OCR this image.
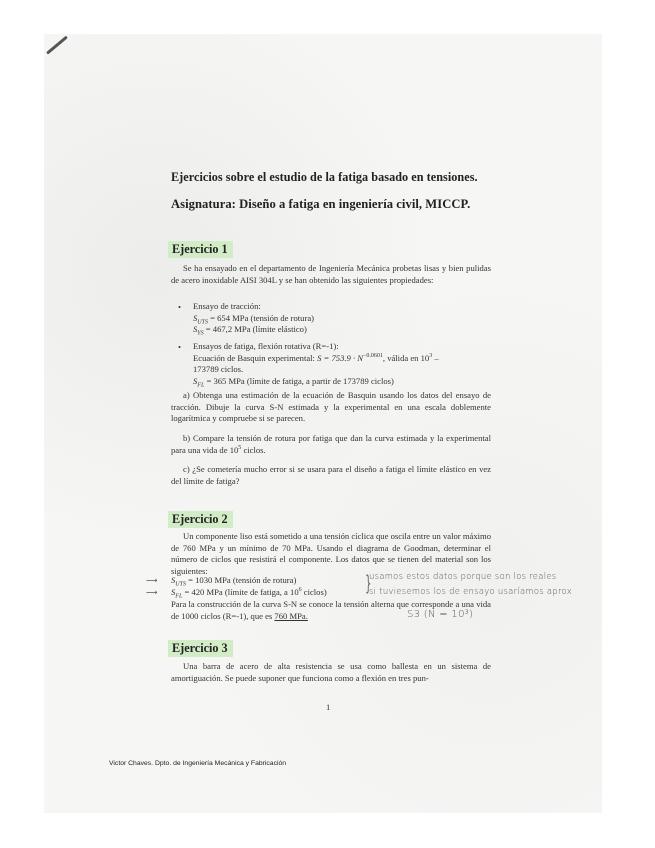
Ejercicios sobre el estudio de la fatiga basado en tensiones.
Asignatura: Diseño a fatiga en ingeniería civil, MICCP.
Ejercicio 1
Se ha ensayado en el departamento de Ingeniería Mecánica probetas lisas y bien pulidas de acero inoxidable AISI 304L y se han obtenido las siguientes propiedades:
• Ensayo de tracción:
$S_{UTS} = 654$ MPa (tensión de rotura)
$S_{YS} = 467,2$ MPa (límite elástico)
• Ensayos de fatiga, flexión rotativa (R=-1):
Ecuación de Basquin experimental: $S = 753.9 \cdot N^{-0.0601}$, válida en $10^3$ –
173789 ciclos.
$S_{FL} = 365$ MPa (límite de fatiga, a partir de 173789 ciclos)
a) Obtenga una estimación de la ecuación de Basquin usando los datos del ensayo de tracción. Dibuje la curva S-N estimada y la experimental en una escala doblemente logarítmica y compruebe si se parecen.
b) Compare la tensión de rotura por fatiga que dan la curva estimada y la experimental para una vida de $10^5$ ciclos.
c) ¿Se cometería mucho error si se usara para el diseño a fatiga el límite elástico en vez del límite de fatiga?
Ejercicio 2
Un componente liso está sometido a una tensión cíclica que oscila entre un valor máximo de 760 MPa y un mínimo de 70 MPa. Usando el diagrama de Goodman, determinar el número de ciclos que resistirá el componente. Los datos que se tienen del material son los siguientes:
⟶ $S_{UTS} = 1030$ MPa (tensión de rotura)
⟶ $S_{FL} = 420$ MPa (límite de fatiga, a $10^6$ ciclos)	}
usamos estos datos porque son los reales
si tuviesemos los de ensayo usaríamos aprox
Para la construcción de la curva S-N se conoce la tensión alterna que corresponde a una vida de 1000 ciclos (R=-1), que es 760 MPa.	S3 (N = 10³)
Ejercicio 3
Una barra de acero de alta resistencia se usa como ballesta en un sistema de amortiguación. Se puede suponer que funciona como a flexión en tres pun-
1
Victor Chaves. Dpto. de Ingeniería Mecánica y Fabricación
